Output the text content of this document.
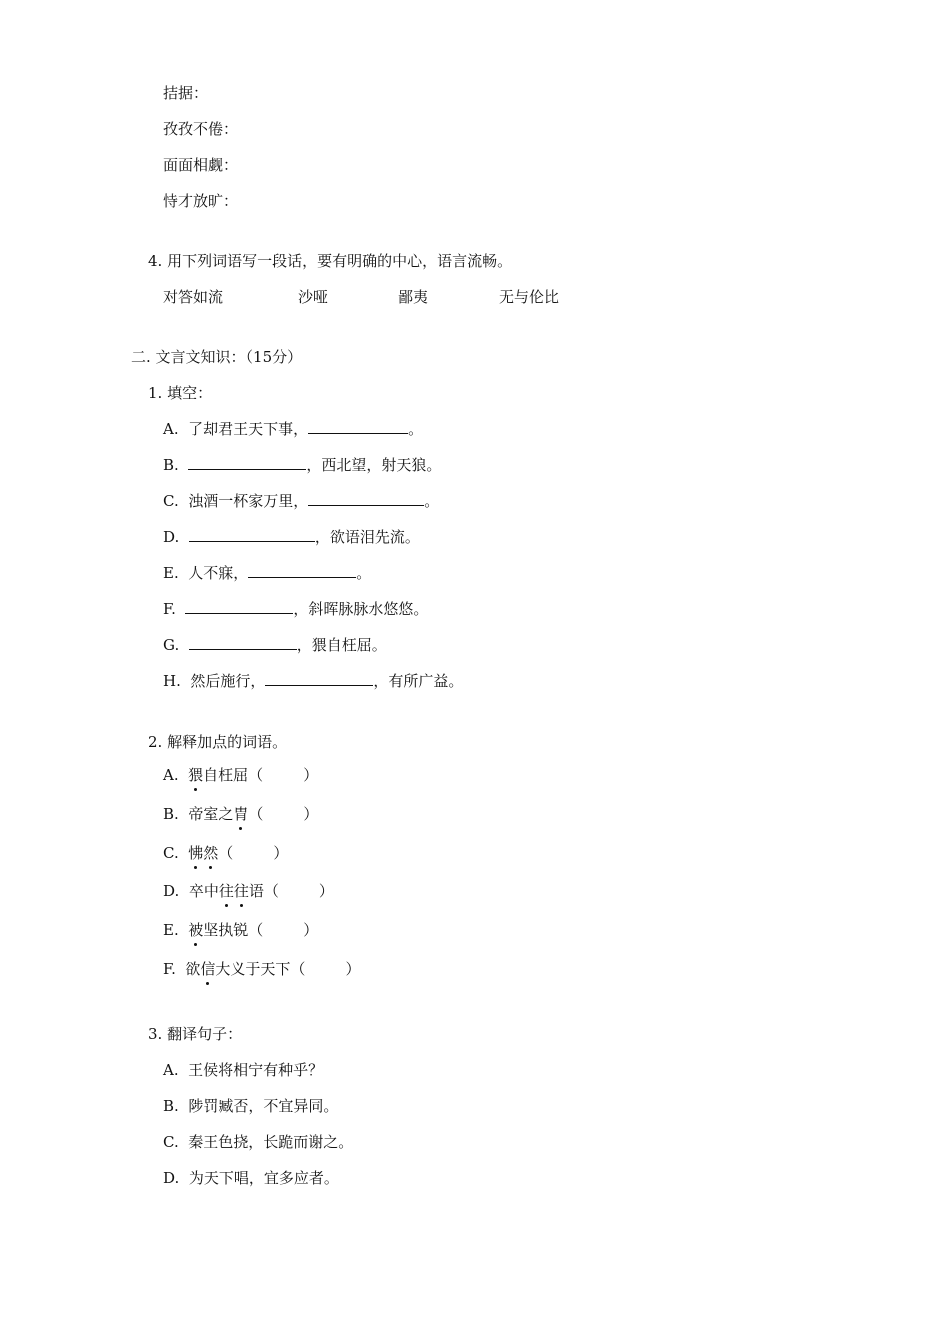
拮据：
孜孜不倦：
面面相觑：
恃才放旷：
4. 用下列词语写一段话，要有明确的中心，语言流畅。
对答如流	沙哑	鄙夷	无与伦比
二. 文言文知识：（15分）
1. 填空：
A. 了却君王天下事，	。
B.	，西北望，射天狼。
C. 浊酒一杯家万里，	。
D.	，欲语泪先流。
E. 人不寐，	。
F.	，斜晖脉脉水悠悠。
G.	，猥自枉屈。
H. 然后施行，	，有所广益。
2. 解释加点的词语。
A. 猥自枉屈（	）
B. 帝室之胄（	）
C. 怫然（	）
D. 卒中往往语（	）
E. 被坚执锐（	）
F. 欲信大义于天下（	）
3. 翻译句子：
A. 王侯将相宁有种乎？
B. 陟罚臧否，不宜异同。
C. 秦王色挠，长跪而谢之。
D. 为天下唱，宜多应者。
